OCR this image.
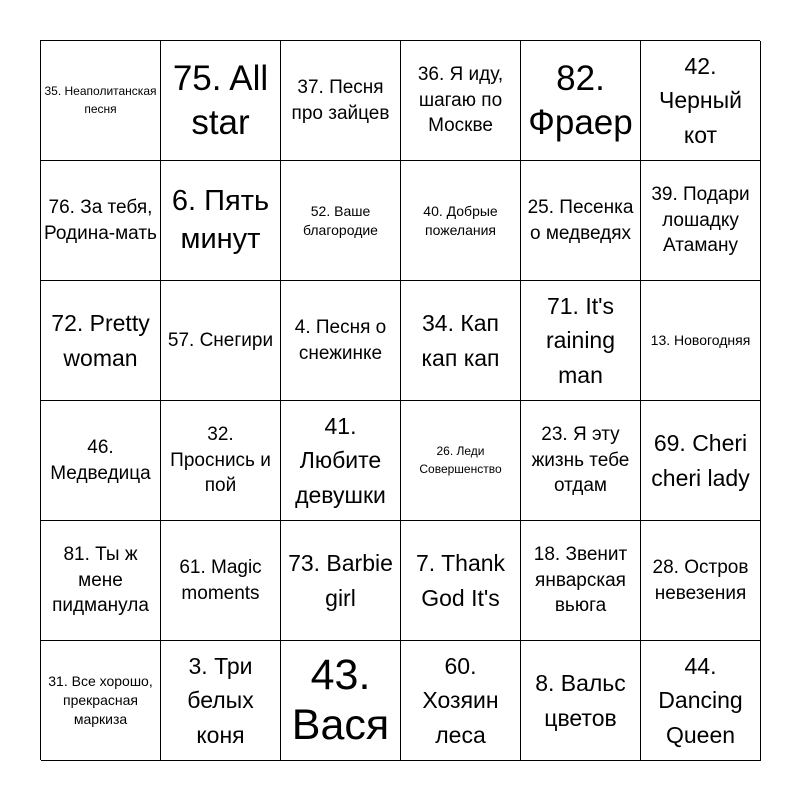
35. Неаполитанская песня
75. All star
37. Песня про зайцев
36. Я иду, шагаю по Москве
82. Фраер
42. Черный кот
76. За тебя, Родина-мать
6. Пять минут
52. Ваше благородие
40. Добрые пожелания
25. Песенка о медведях
39. Подари лошадку Атаману
72. Pretty woman
57. Снегири
4. Песня о снежинке
34. Кап кап кап
71. It's raining man
13. Новогодняя
46. Медведица
32. Проснись и пой
41. Любите девушки
26. Леди Совершенство
23. Я эту жизнь тебе отдам
69. Cheri cheri lady
81. Ты ж мене пидманула
61. Magic moments
73. Barbie girl
7. Thank God It's
18. Звенит январская вьюга
28. Остров невезения
31. Все хорошо, прекрасная маркиза
3. Три белых коня
43. Вася
60. Хозяин леса
8. Вальс цветов
44. Dancing Queen
